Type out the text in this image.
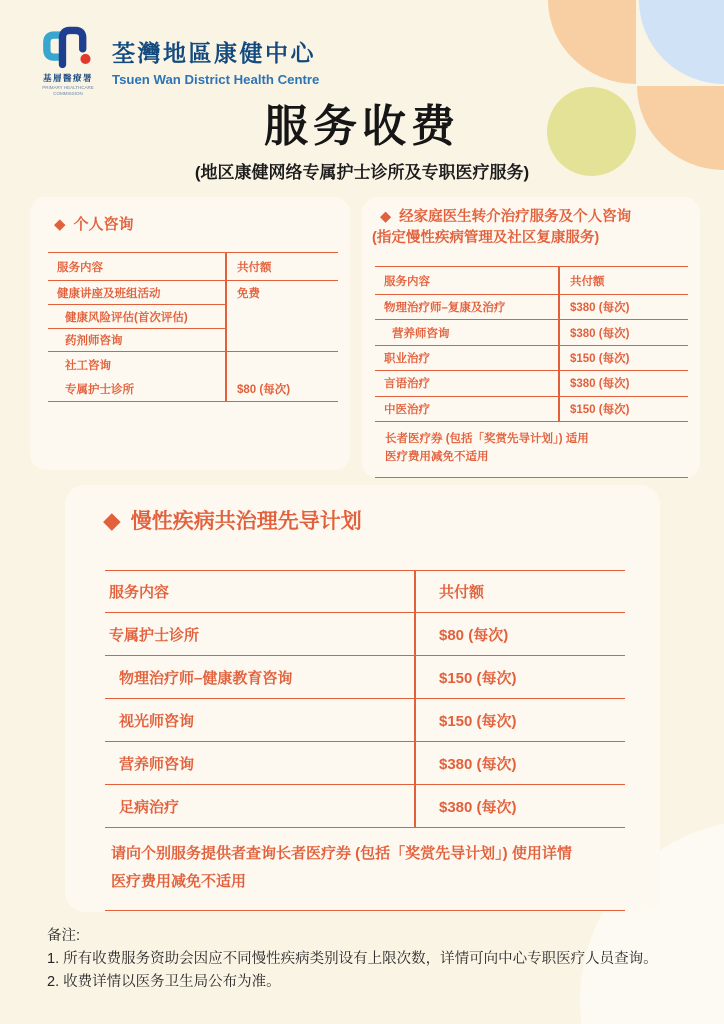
基層醫療署
PRIMARY HEALTHCARE
COMMISSION
荃灣地區康健中心
Tsuen Wan District Health Centre
服务收费
(地区康健网络专属护士诊所及专职医疗服务)
◆ 个人咨询
服务内容	共付额
健康讲座及班组活动	免费
健康风险评估(首次评估)
药剂师咨询
社工咨询
专属护士诊所	$80 (每次)
◆ 经家庭医生转介治疗服务及个人咨询
(指定慢性疾病管理及社区复康服务)
服务内容	共付额
物理治疗师–复康及治疗	$380 (每次)
营养师咨询	$380 (每次)
职业治疗	$150 (每次)
言语治疗	$380 (每次)
中医治疗	$150 (每次)
长者医疗券 (包括「奖赏先导计划」) 适用
医疗费用减免不适用
◆ 慢性疾病共治理先导计划
服务内容	共付额
专属护士诊所	$80 (每次)
物理治疗师–健康教育咨询	$150 (每次)
视光师咨询	$150 (每次)
营养师咨询	$380 (每次)
足病治疗	$380 (每次)
请向个别服务提供者查询长者医疗券 (包括「奖赏先导计划」) 使用详情
医疗费用减免不适用
备注:
1. 所有收费服务资助会因应不同慢性疾病类别设有上限次数，详情可向中心专职医疗人员查询。
2. 收费详情以医务卫生局公布为准。
